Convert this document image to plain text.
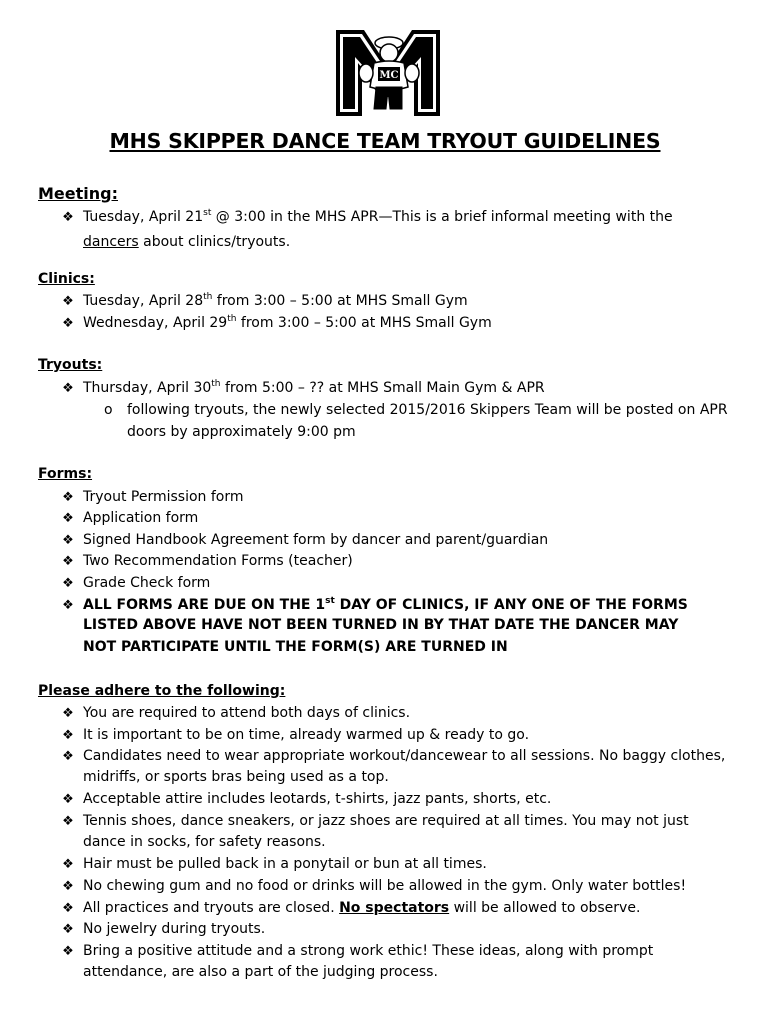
MC
MHS SKIPPER DANCE TEAM TRYOUT GUIDELINES
Meeting:
❖ Tuesday, April 21st @ 3:00 in the MHS APR—This is a brief informal meeting with the
dancers about clinics/tryouts.
Clinics:
❖ Tuesday, April 28th from 3:00 – 5:00 at MHS Small Gym
❖ Wednesday, April 29th from 3:00 – 5:00 at MHS Small Gym
Tryouts:
❖ Thursday, April 30th from 5:00 – ?? at MHS Small Main Gym & APR
o following tryouts, the newly selected 2015/2016 Skippers Team will be posted on APR
doors by approximately 9:00 pm
Forms:
❖ Tryout Permission form
❖ Application form
❖ Signed Handbook Agreement form by dancer and parent/guardian
❖ Two Recommendation Forms (teacher)
❖ Grade Check form
❖ ALL FORMS ARE DUE ON THE 1st DAY OF CLINICS, IF ANY ONE OF THE FORMS
LISTED ABOVE HAVE NOT BEEN TURNED IN BY THAT DATE THE DANCER MAY
NOT PARTICIPATE UNTIL THE FORM(S) ARE TURNED IN
Please adhere to the following:
❖ You are required to attend both days of clinics.
❖ It is important to be on time, already warmed up & ready to go.
❖ Candidates need to wear appropriate workout/dancewear to all sessions. No baggy clothes,
midriffs, or sports bras being used as a top.
❖ Acceptable attire includes leotards, t-shirts, jazz pants, shorts, etc.
❖ Tennis shoes, dance sneakers, or jazz shoes are required at all times. You may not just
dance in socks, for safety reasons.
❖ Hair must be pulled back in a ponytail or bun at all times.
❖ No chewing gum and no food or drinks will be allowed in the gym. Only water bottles!
❖ All practices and tryouts are closed. No spectators will be allowed to observe.
❖ No jewelry during tryouts.
❖ Bring a positive attitude and a strong work ethic! These ideas, along with prompt
attendance, are also a part of the judging process.
